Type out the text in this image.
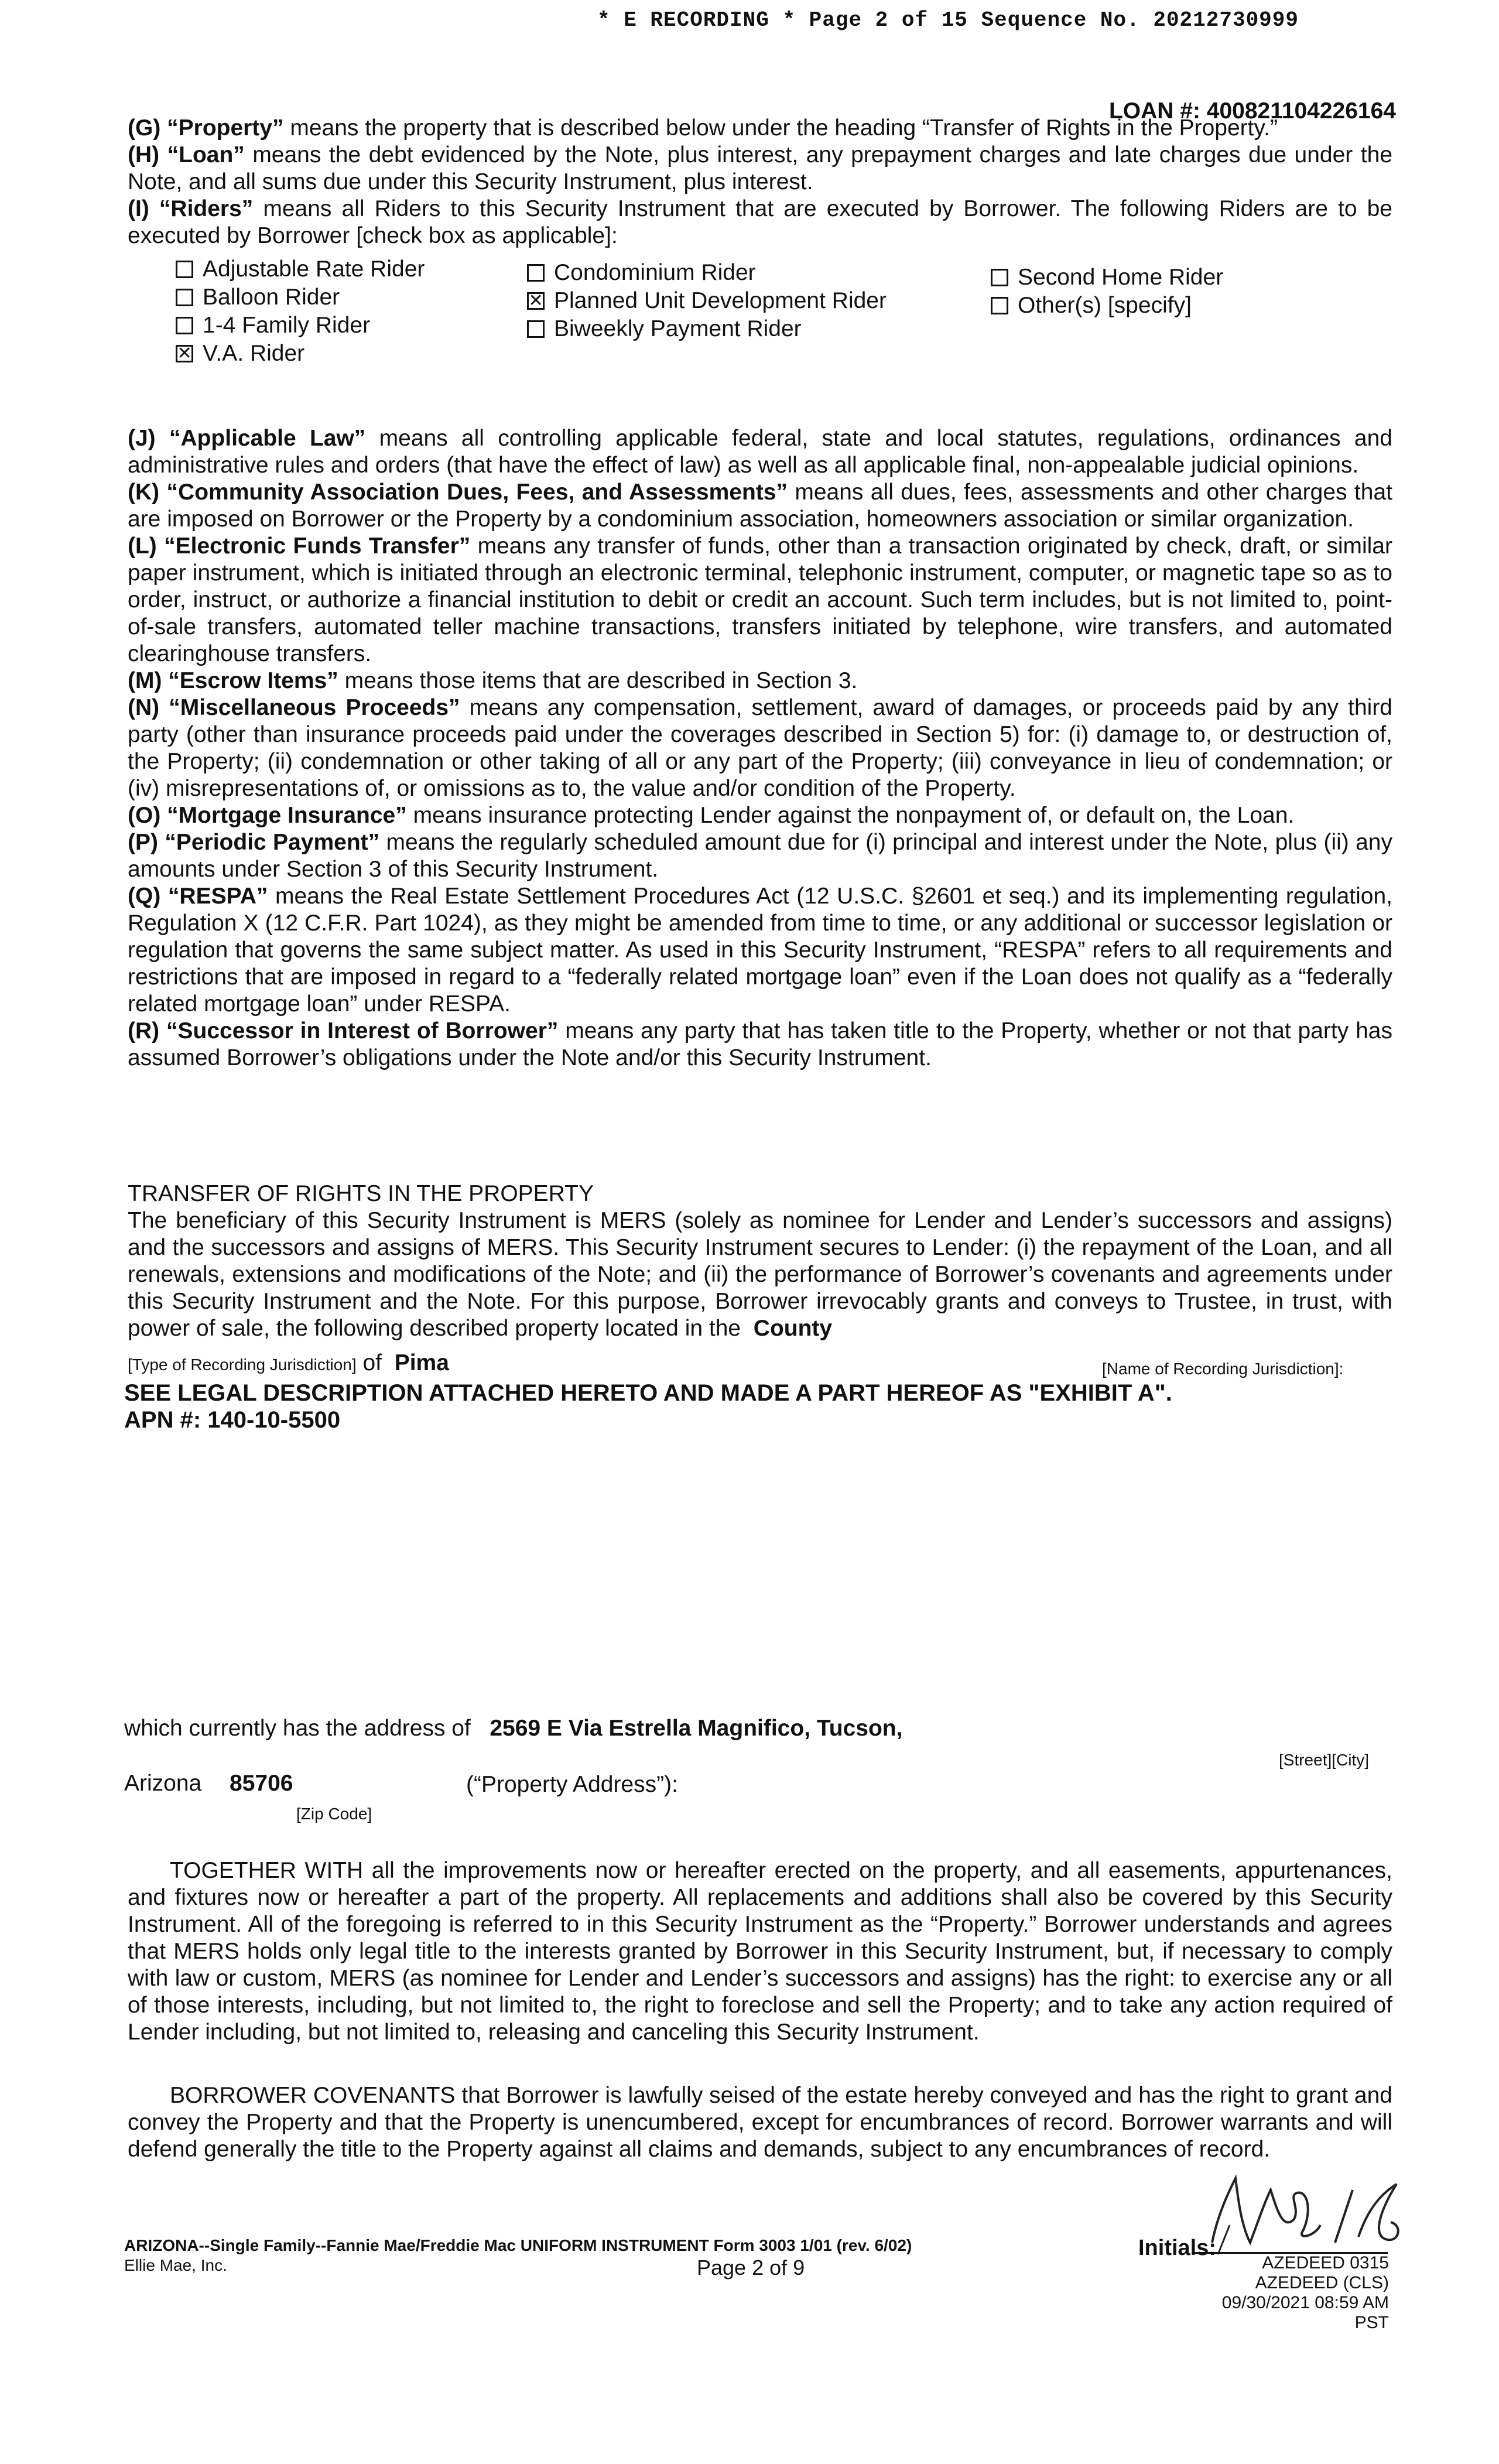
* E RECORDING * Page 2 of 15 Sequence No. 20212730999
LOAN #: 400821104226164

(G) “Property” means the property that is described below under the heading “Transfer of Rights in the Property.”

(H) “Loan” means the debt evidenced by the Note, plus interest, any prepayment charges and late charges due under the Note, and all sums due under this Security Instrument, plus interest.

(I) “Riders” means all Riders to this Security Instrument that are executed by Borrower. The following Riders are to be executed by Borrower [check box as applicable]:

Adjustable Rate Rider
Balloon Rider
1-4 Family Rider
✕ V.A. Rider
Condominium Rider
✕ Planned Unit Development Rider
Biweekly Payment Rider
Second Home Rider
Other(s) [specify]

(J) “Applicable Law” means all controlling applicable federal, state and local statutes, regulations, ordinances and administrative rules and orders (that have the effect of law) as well as all applicable final, non-appealable judicial opinions.

(K) “Community Association Dues, Fees, and Assessments” means all dues, fees, assessments and other charges that are imposed on Borrower or the Property by a condominium association, homeowners association or similar organization.

(L) “Electronic Funds Transfer” means any transfer of funds, other than a transaction originated by check, draft, or similar paper instrument, which is initiated through an electronic terminal, telephonic instrument, computer, or magnetic tape so as to order, instruct, or authorize a financial institution to debit or credit an account. Such term includes, but is not limited to, point-of-sale transfers, automated teller machine transactions, transfers initiated by telephone, wire transfers, and automated clearinghouse transfers.

(M) “Escrow Items” means those items that are described in Section 3.

(N) “Miscellaneous Proceeds” means any compensation, settlement, award of damages, or proceeds paid by any third party (other than insurance proceeds paid under the coverages described in Section 5) for: (i) damage to, or destruction of, the Property; (ii) condemnation or other taking of all or any part of the Property; (iii) conveyance in lieu of condemnation; or (iv) misrepresentations of, or omissions as to, the value and/or condition of the Property.

(O) “Mortgage Insurance” means insurance protecting Lender against the nonpayment of, or default on, the Loan.

(P) “Periodic Payment” means the regularly scheduled amount due for (i) principal and interest under the Note, plus (ii) any amounts under Section 3 of this Security Instrument.

(Q) “RESPA” means the Real Estate Settlement Procedures Act (12 U.S.C. §2601 et seq.) and its implementing regulation, Regulation X (12 C.F.R. Part 1024), as they might be amended from time to time, or any additional or successor legislation or regulation that governs the same subject matter. As used in this Security Instrument, “RESPA” refers to all requirements and restrictions that are imposed in regard to a “federally related mortgage loan” even if the Loan does not qualify as a “federally related mortgage loan” under RESPA.

(R) “Successor in Interest of Borrower” means any party that has taken title to the Property, whether or not that party has assumed Borrower’s obligations under the Note and/or this Security Instrument.

TRANSFER OF RIGHTS IN THE PROPERTY

The beneficiary of this Security Instrument is MERS (solely as nominee for Lender and Lender’s successors and assigns) and the successors and assigns of MERS. This Security Instrument secures to Lender: (i) the repayment of the Loan, and all renewals, extensions and modifications of the Note; and (ii) the performance of Borrower’s covenants and agreements under this Security Instrument and the Note. For this purpose, Borrower irrevocably grants and conveys to Trustee, in trust, with power of sale, the following described property located in the County

[Type of Recording Jurisdiction] of Pima	[Name of Recording Jurisdiction]:
SEE LEGAL DESCRIPTION ATTACHED HERETO AND MADE A PART HEREOF AS "EXHIBIT A".
APN #: 140-10-5500
which currently has the address of 2569 E Via Estrella Magnifico, Tucson,
[Street][City]
Arizona 85706
[Zip Code]
(“Property Address”):

TOGETHER WITH all the improvements now or hereafter erected on the property, and all easements, appurtenances, and fixtures now or hereafter a part of the property. All replacements and additions shall also be covered by this Security Instrument. All of the foregoing is referred to in this Security Instrument as the “Property.” Borrower understands and agrees that MERS holds only legal title to the interests granted by Borrower in this Security Instrument, but, if necessary to comply with law or custom, MERS (as nominee for Lender and Lender’s successors and assigns) has the right: to exercise any or all of those interests, including, but not limited to, the right to foreclose and sell the Property; and to take any action required of Lender including, but not limited to, releasing and canceling this Security Instrument.

BORROWER COVENANTS that Borrower is lawfully seised of the estate hereby conveyed and has the right to grant and convey the Property and that the Property is unencumbered, except for encumbrances of record. Borrower warrants and will defend generally the title to the Property against all claims and demands, subject to any encumbrances of record.

ARIZONA--Single Family--Fannie Mae/Freddie Mac UNIFORM INSTRUMENT Form 3003 1/01 (rev. 6/02)
Ellie Mae, Inc.	Page 2 of 9
Initials:
AZEDEED 0315
AZEDEED (CLS)
09/30/2021 08:59 AM PST
